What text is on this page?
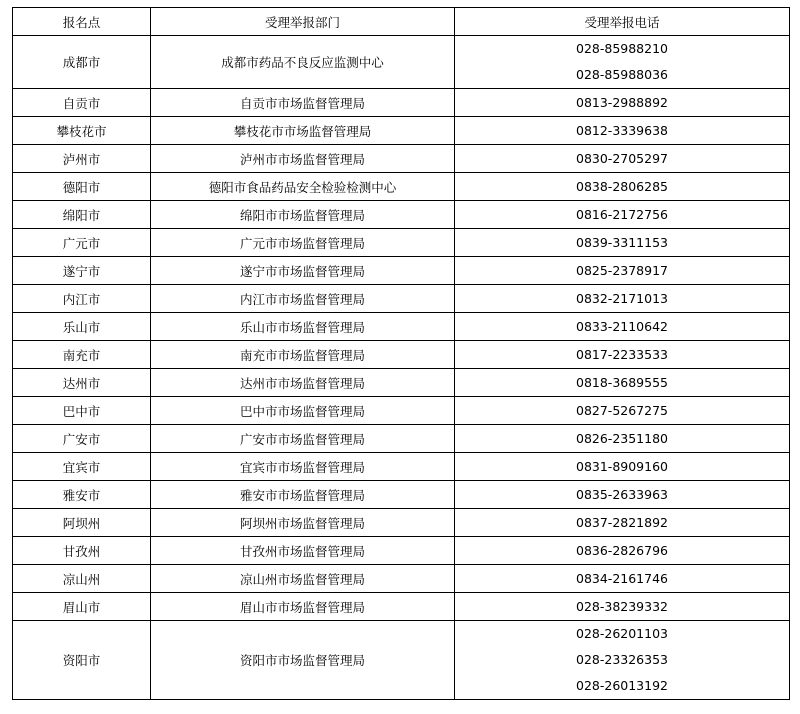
报名点	受理举报部门	受理举报电话
成都市	成都市药品不良反应监测中心	028-85988210
028-85988036

自贡市	自贡市市场监督管理局	0813-2988892

攀枝花市	攀枝花市市场监督管理局	0812-3339638

泸州市	泸州市市场监督管理局	0830-2705297

德阳市	德阳市食品药品安全检验检测中心	0838-2806285

绵阳市	绵阳市市场监督管理局	0816-2172756

广元市	广元市市场监督管理局	0839-3311153

遂宁市	遂宁市市场监督管理局	0825-2378917

内江市	内江市市场监督管理局	0832-2171013

乐山市	乐山市市场监督管理局	0833-2110642

南充市	南充市市场监督管理局	0817-2233533

达州市	达州市市场监督管理局	0818-3689555

巴中市	巴中市市场监督管理局	0827-5267275

广安市	广安市市场监督管理局	0826-2351180

宜宾市	宜宾市市场监督管理局	0831-8909160

雅安市	雅安市市场监督管理局	0835-2633963

阿坝州	阿坝州市场监督管理局	0837-2821892

甘孜州	甘孜州市场监督管理局	0836-2826796

凉山州	凉山州市场监督管理局	0834-2161746

眉山市	眉山市市场监督管理局	028-38239332

资阳市	资阳市市场监督管理局	028-26201103
028-23326353
028-26013192
